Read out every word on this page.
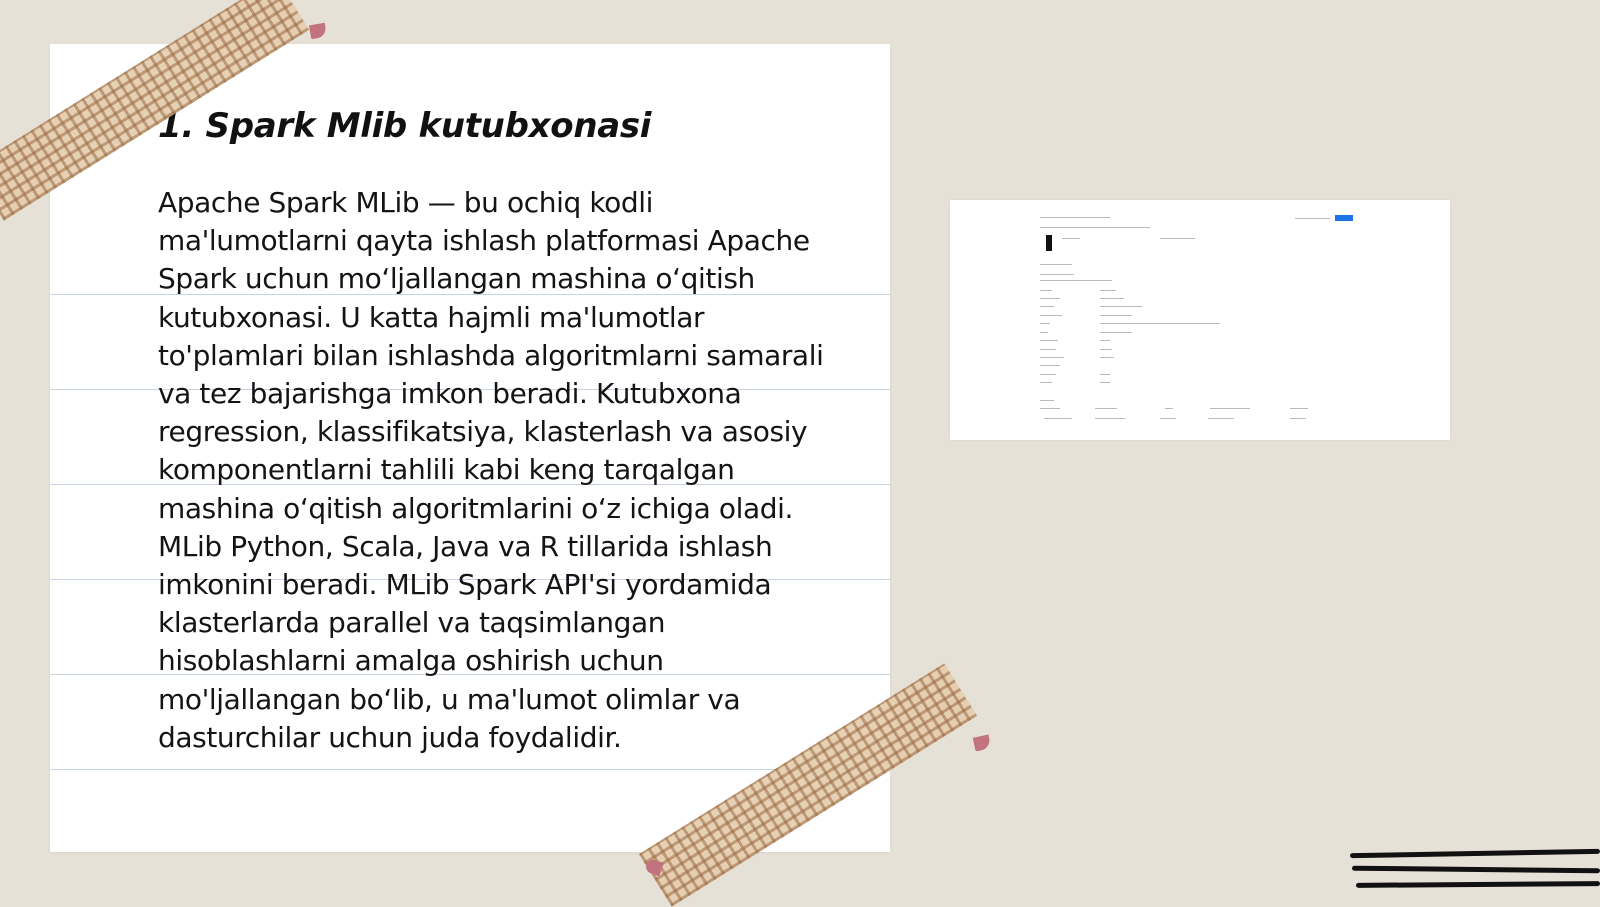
1. Spark Mlib kutubxonasi

Apache Spark MLib — bu ochiq kodli ma'lumotlarni qayta ishlash platformasi Apache Spark uchun mo‘ljallangan mashina o‘qitish kutubxonasi. U katta hajmli ma'lumotlar to'plamlari bilan ishlashda algoritmlarni samarali va tez bajarishga imkon beradi. Kutubxona regression, klassifikatsiya, klasterlash va asosiy komponentlarni tahlili kabi keng tarqalgan mashina o‘qitish algoritmlarini o‘z ichiga oladi. MLib Python, Scala, Java va R tillarida ishlash imkonini beradi. MLib Spark API'si yordamida klasterlarda parallel va taqsimlangan hisoblashlarni amalga oshirish uchun mo'ljallangan bo‘lib, u ma'lumot olimlar va dasturchilar uchun juda foydalidir.
